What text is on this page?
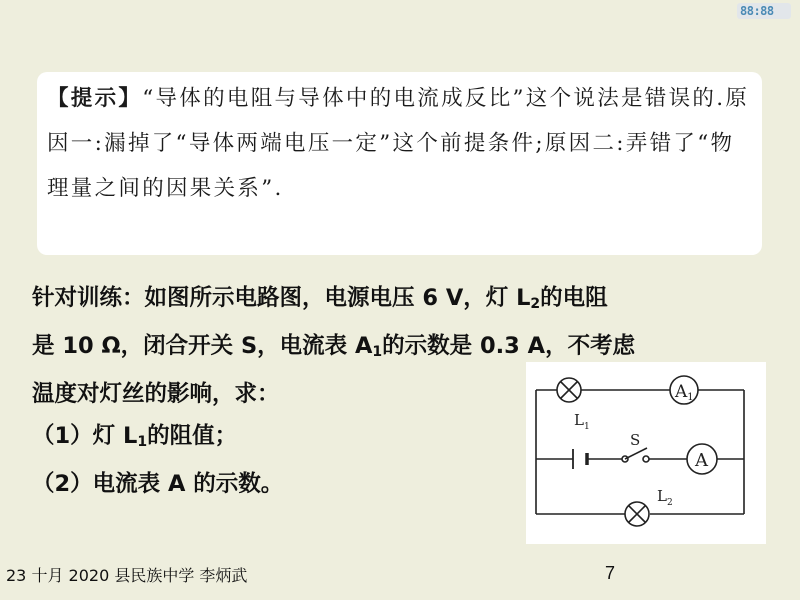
88:88
【提示】“导体的电阻与导体中的电流成反比”这个说法是错误的.原因一:漏掉了“导体两端电压一定”这个前提条件;原因二:弄错了“物理量之间的因果关系”.
针对训练：如图所示电路图，电源电压 6 V，灯 $L_2$的电阻
是 10 Ω，闭合开关 S，电流表 $A_1$的示数是 0.3 A，不考虑
温度对灯丝的影响，求：
（1）灯 $L_1$的阻值；
（2）电流表 A 的示数。
A1
A
$L_1$
$L_2$
S
23 十月 2020 县民族中学 李炳武	7
